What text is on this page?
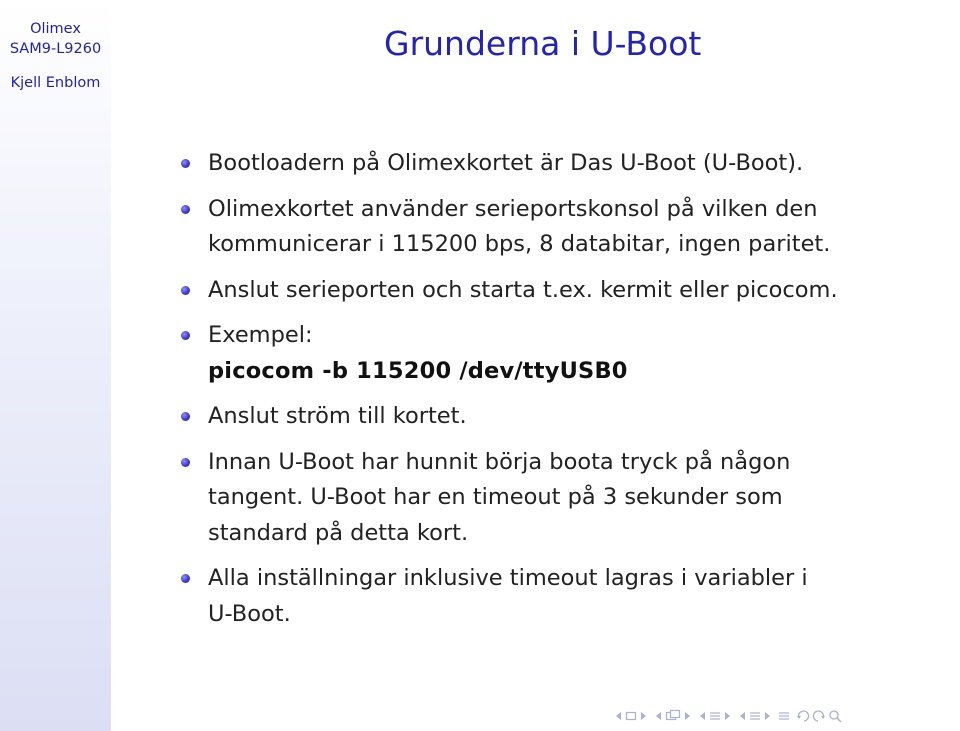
Olimex
SAM9-L9260
Kjell Enblom
Grunderna i U-Boot
Bootloadern på Olimexkortet är Das U-Boot (U-Boot).
Olimexkortet använder serieportskonsol på vilken den
kommunicerar i 115200 bps, 8 databitar, ingen paritet.
Anslut serieporten och starta t.ex. kermit eller picocom.
Exempel:
picocom -b 115200 /dev/ttyUSB0
Anslut ström till kortet.
Innan U-Boot har hunnit börja boota tryck på någon
tangent. U-Boot har en timeout på 3 sekunder som
standard på detta kort.
Alla inställningar inklusive timeout lagras i variabler i
U-Boot.
